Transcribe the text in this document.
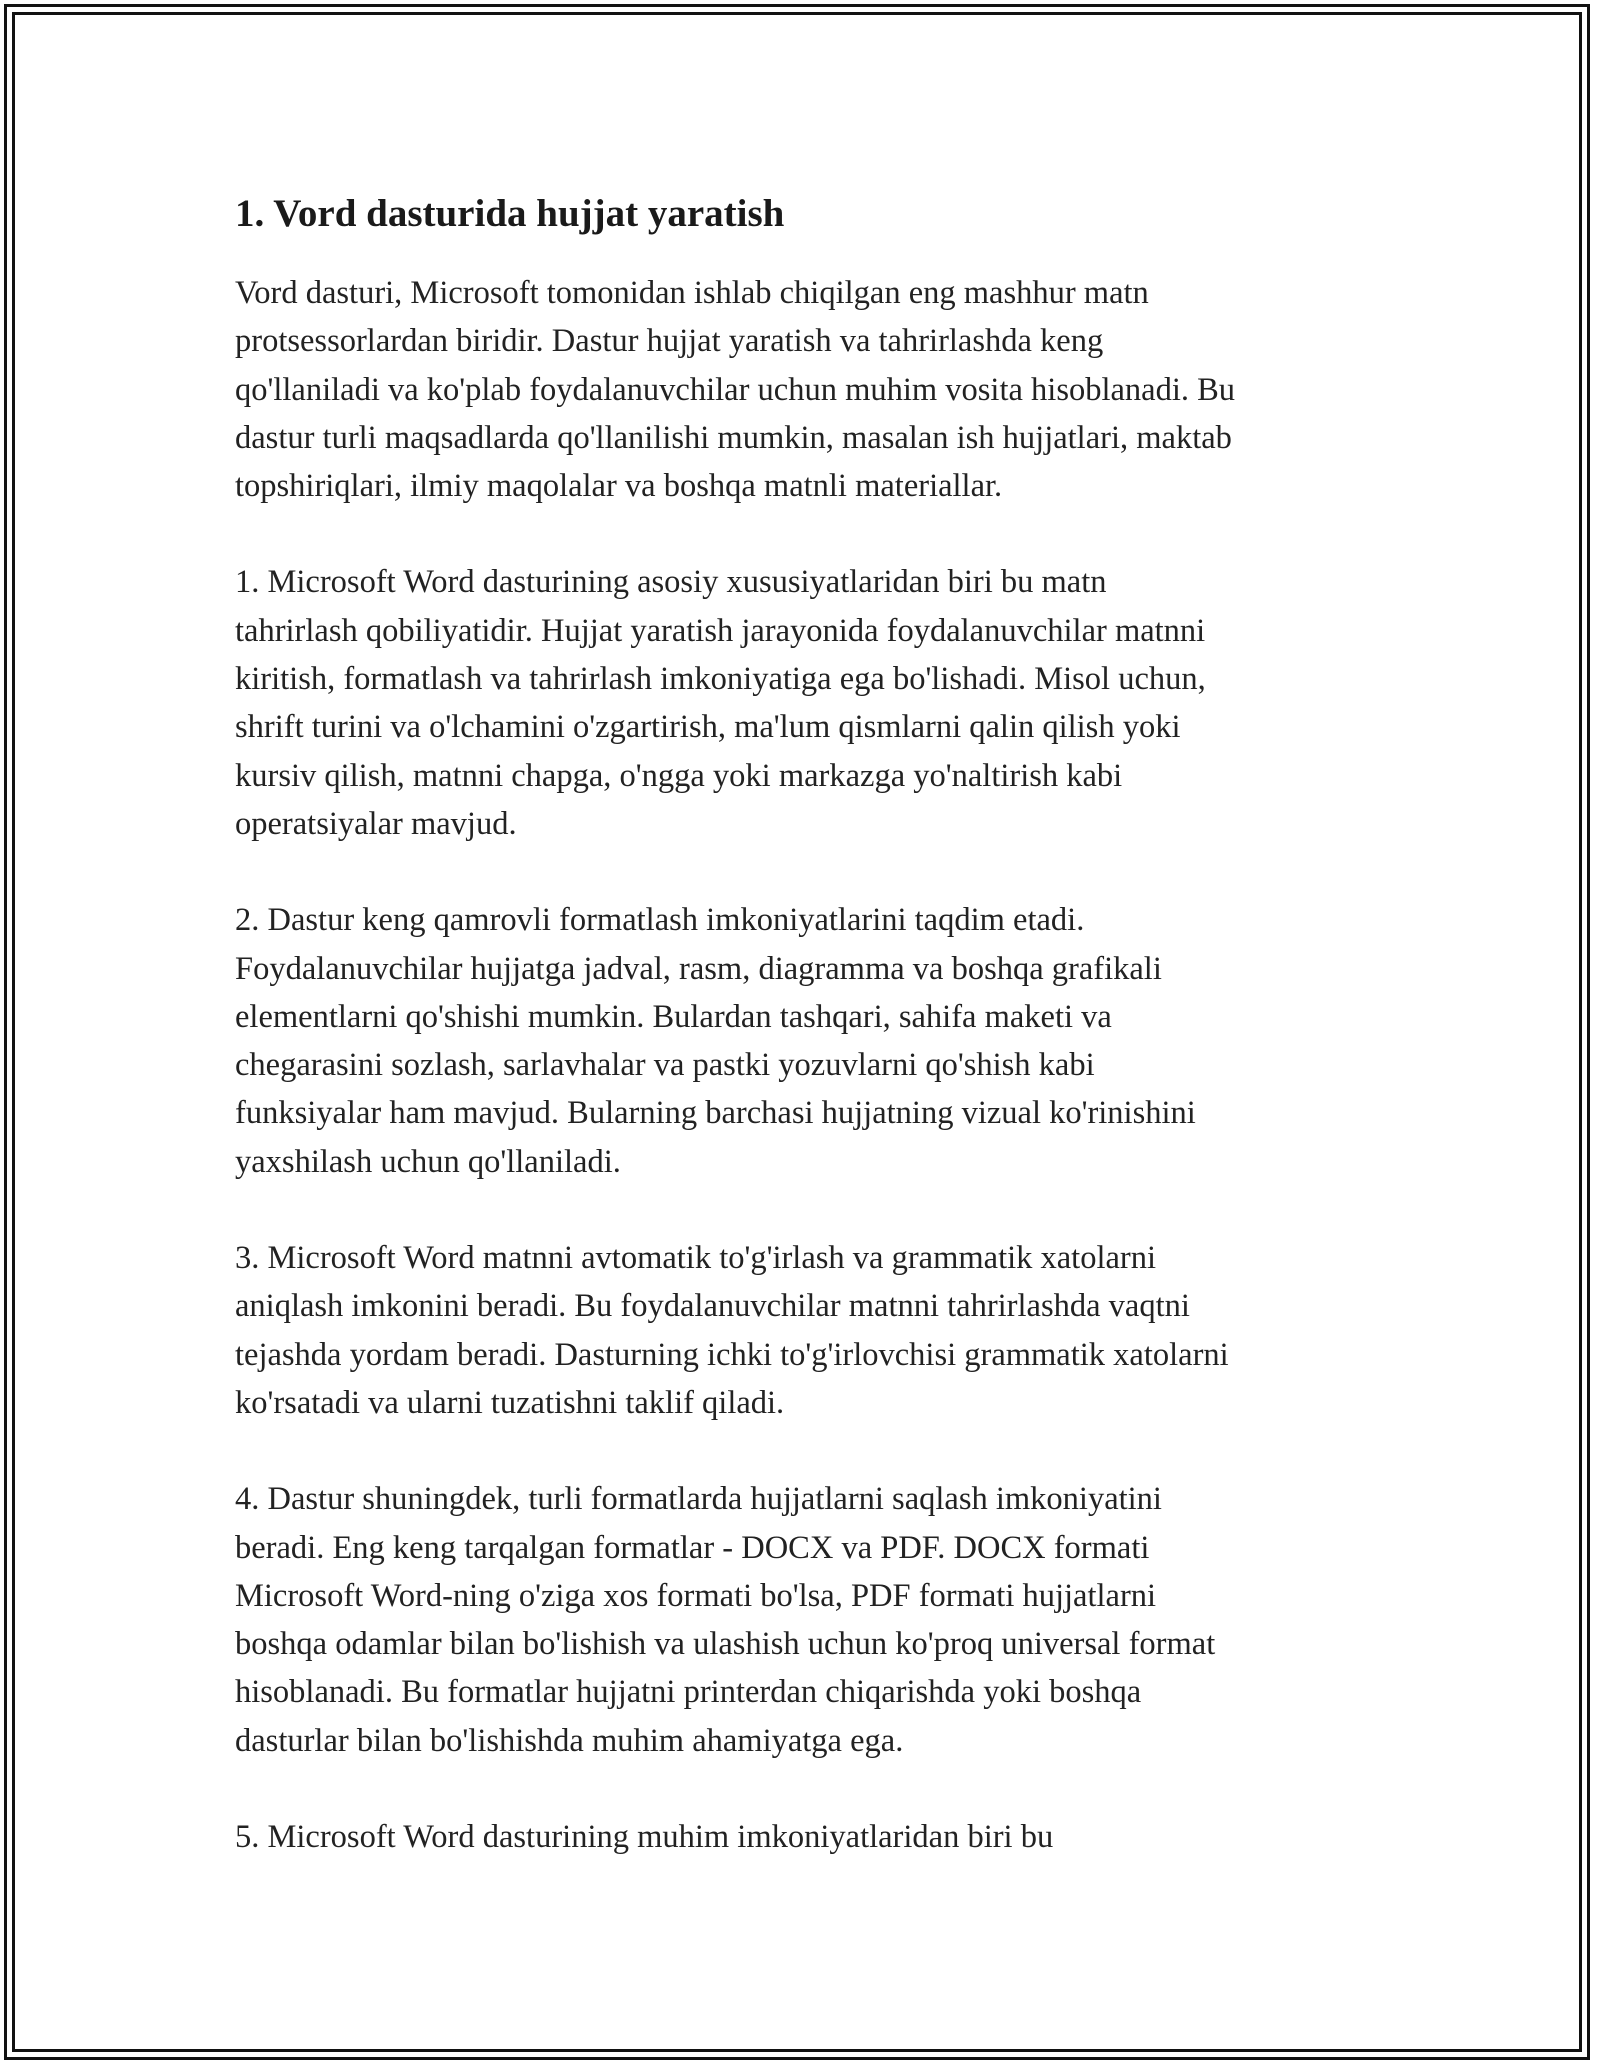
1. Vord dasturida hujjat yaratish

Vord dasturi, Microsoft tomonidan ishlab chiqilgan eng mashhur matn
protsessorlardan biridir. Dastur hujjat yaratish va tahrirlashda keng
qo'llaniladi va ko'plab foydalanuvchilar uchun muhim vosita hisoblanadi. Bu
dastur turli maqsadlarda qo'llanilishi mumkin, masalan ish hujjatlari, maktab
topshiriqlari, ilmiy maqolalar va boshqa matnli materiallar.

1. Microsoft Word dasturining asosiy xususiyatlaridan biri bu matn
tahrirlash qobiliyatidir. Hujjat yaratish jarayonida foydalanuvchilar matnni
kiritish, formatlash va tahrirlash imkoniyatiga ega bo'lishadi. Misol uchun,
shrift turini va o'lchamini o'zgartirish, ma'lum qismlarni qalin qilish yoki
kursiv qilish, matnni chapga, o'ngga yoki markazga yo'naltirish kabi
operatsiyalar mavjud.

2. Dastur keng qamrovli formatlash imkoniyatlarini taqdim etadi.
Foydalanuvchilar hujjatga jadval, rasm, diagramma va boshqa grafikali
elementlarni qo'shishi mumkin. Bulardan tashqari, sahifa maketi va
chegarasini sozlash, sarlavhalar va pastki yozuvlarni qo'shish kabi
funksiyalar ham mavjud. Bularning barchasi hujjatning vizual ko'rinishini
yaxshilash uchun qo'llaniladi.

3. Microsoft Word matnni avtomatik to'g'irlash va grammatik xatolarni
aniqlash imkonini beradi. Bu foydalanuvchilar matnni tahrirlashda vaqtni
tejashda yordam beradi. Dasturning ichki to'g'irlovchisi grammatik xatolarni
ko'rsatadi va ularni tuzatishni taklif qiladi.

4. Dastur shuningdek, turli formatlarda hujjatlarni saqlash imkoniyatini
beradi. Eng keng tarqalgan formatlar - DOCX va PDF. DOCX formati
Microsoft Word-ning o'ziga xos formati bo'lsa, PDF formati hujjatlarni
boshqa odamlar bilan bo'lishish va ulashish uchun ko'proq universal format
hisoblanadi. Bu formatlar hujjatni printerdan chiqarishda yoki boshqa
dasturlar bilan bo'lishishda muhim ahamiyatga ega.

5. Microsoft Word dasturining muhim imkoniyatlaridan biri bu
